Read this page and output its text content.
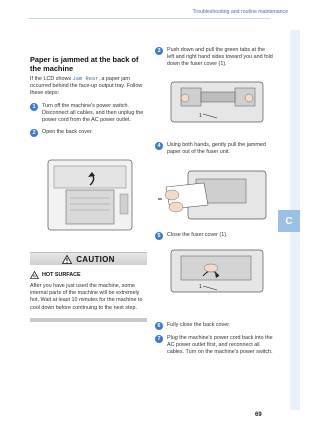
Troubleshooting and routine maintenance
C

Paper is jammed at the back of the machine

If the LCD shows Jam Rear, a paper jam occurred behind the face-up output tray. Follow these steps:

1	Turn off the machine's power switch. Disconnect all cables, and then unplug the power cord from the AC power outlet.
2	Open the back cover.
CAUTION
HOT SURFACE
After you have just used the machine, some internal parts of the machine will be extremely hot. Wait at least 10 minutes for the machine to cool down before continuing to the next step.
3	Push down and pull the green tabs at the left and right hand sides toward you and fold down the fuser cover (1).
1
4	Using both hands, gently pull the jammed paper out of the fuser unit.
5	Close the fuser cover (1).
1
6	Fully close the back cover.
7	Plug the machine's power cord back into the AC power outlet first, and reconnect all cables. Turn on the machine's power switch.
69
